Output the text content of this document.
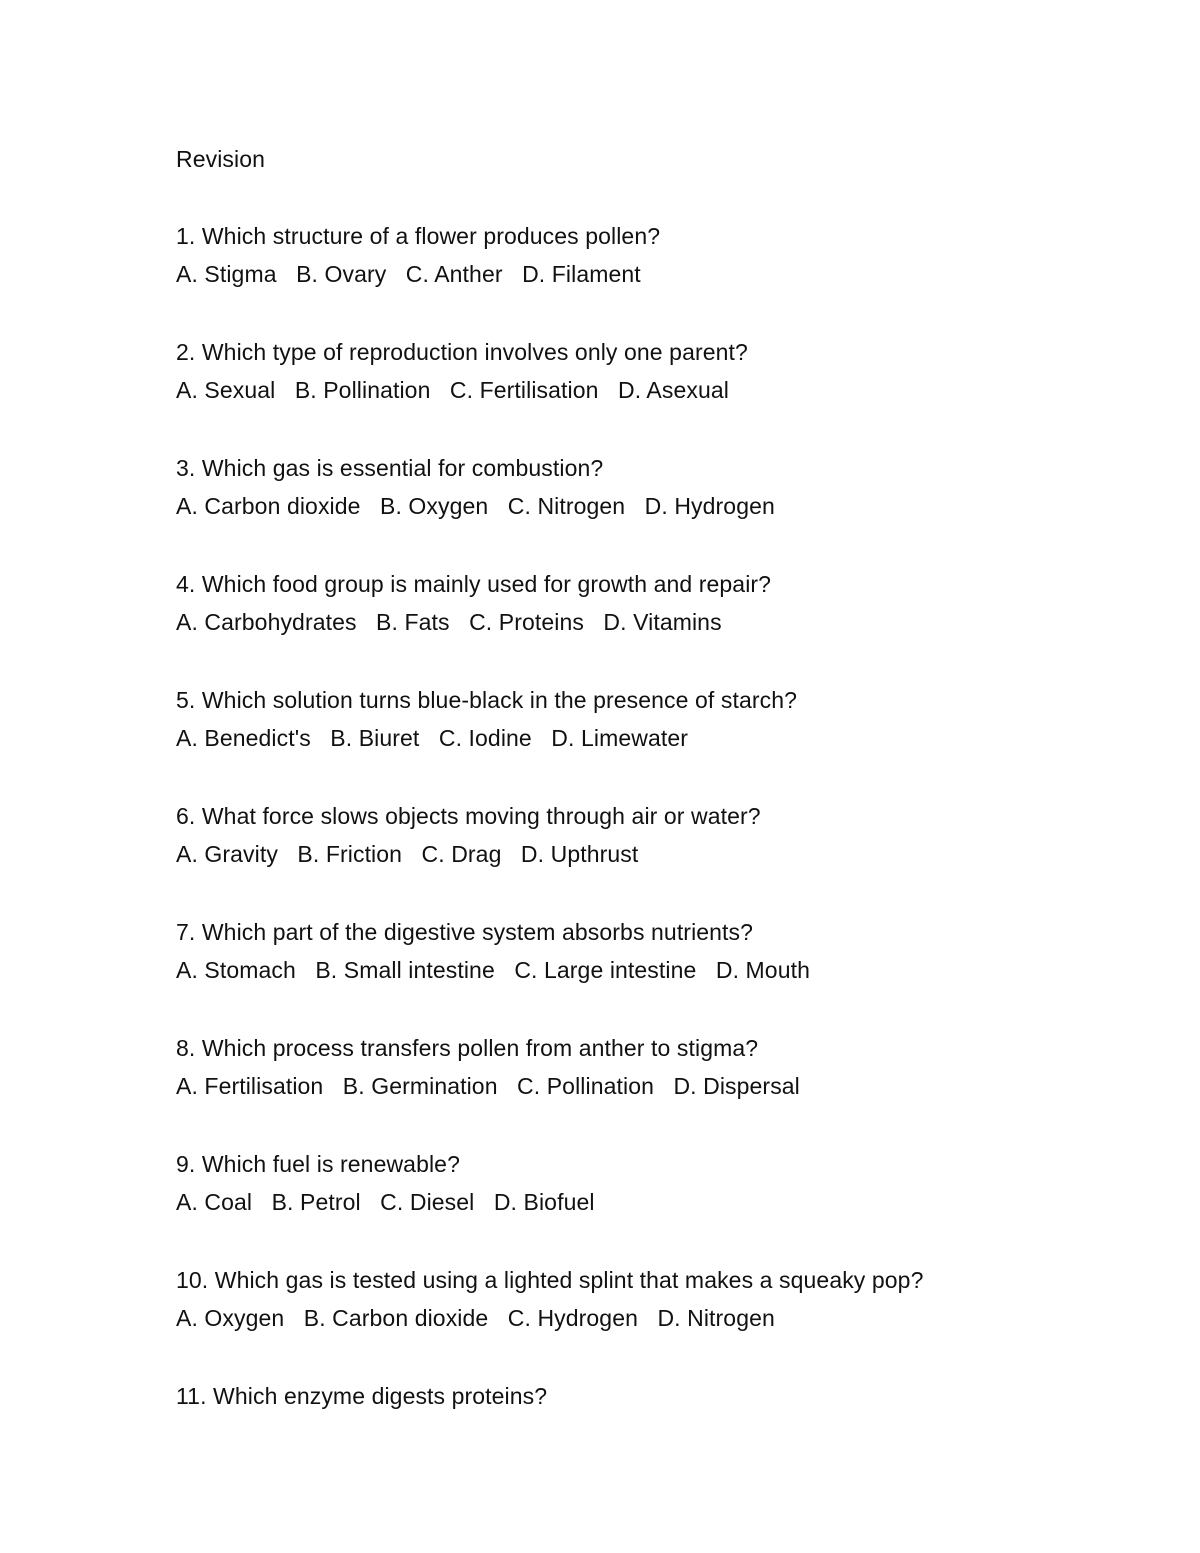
Revision
1. Which structure of a flower produces pollen?
A. Stigma   B. Ovary   C. Anther   D. Filament
2. Which type of reproduction involves only one parent?
A. Sexual   B. Pollination   C. Fertilisation   D. Asexual
3. Which gas is essential for combustion?
A. Carbon dioxide   B. Oxygen   C. Nitrogen   D. Hydrogen
4. Which food group is mainly used for growth and repair?
A. Carbohydrates   B. Fats   C. Proteins   D. Vitamins
5. Which solution turns blue-black in the presence of starch?
A. Benedict's   B. Biuret   C. Iodine   D. Limewater
6. What force slows objects moving through air or water?
A. Gravity   B. Friction   C. Drag   D. Upthrust
7. Which part of the digestive system absorbs nutrients?
A. Stomach   B. Small intestine   C. Large intestine   D. Mouth
8. Which process transfers pollen from anther to stigma?
A. Fertilisation   B. Germination   C. Pollination   D. Dispersal
9. Which fuel is renewable?
A. Coal   B. Petrol   C. Diesel   D. Biofuel
10. Which gas is tested using a lighted splint that makes a squeaky pop?
A. Oxygen   B. Carbon dioxide   C. Hydrogen   D. Nitrogen
11. Which enzyme digests proteins?
